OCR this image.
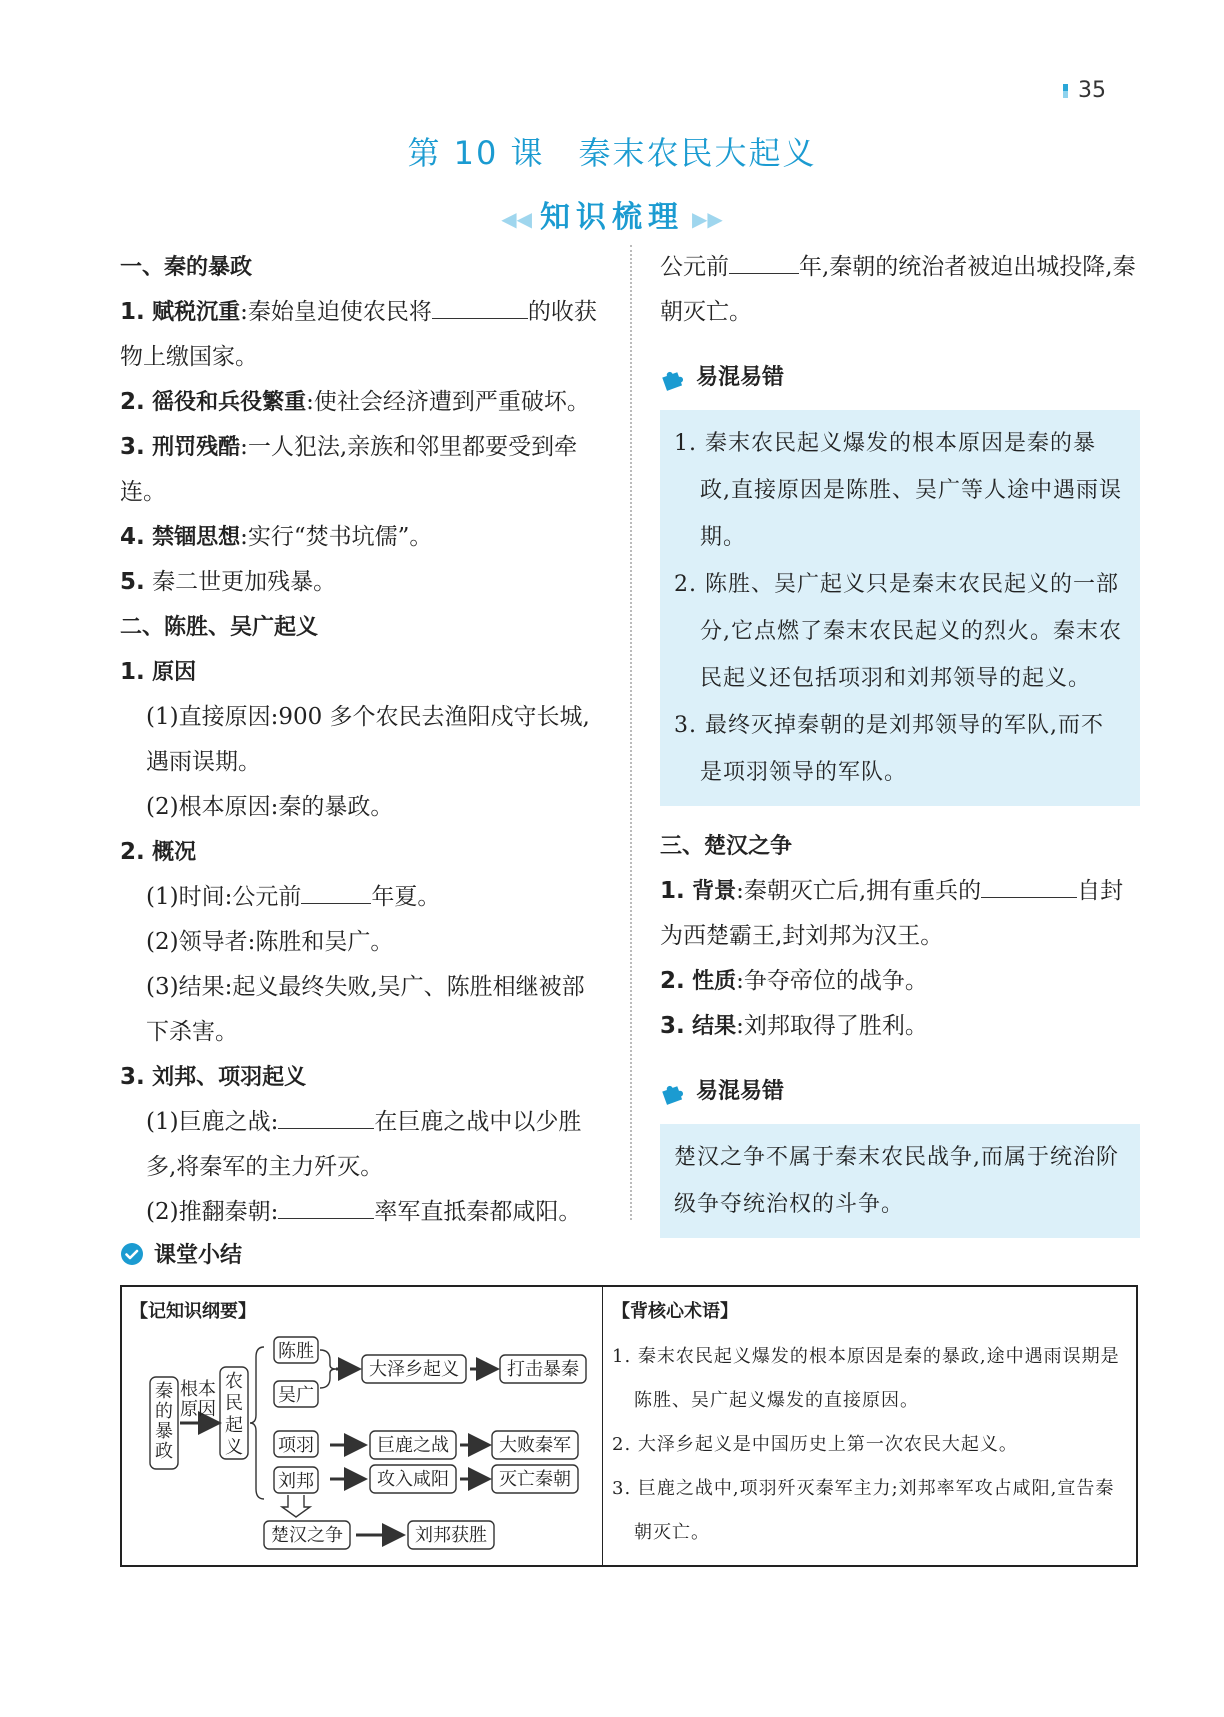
35
第 10 课　秦末农民大起义
◀◀ 知识梳理 ▶▶

一、秦的暴政

1. 赋税沉重:秦始皇迫使农民将	的收获物上缴国家。

2. 徭役和兵役繁重:使社会经济遭到严重破坏。

3. 刑罚残酷:一人犯法,亲族和邻里都要受到牵连。

4. 禁锢思想:实行“焚书坑儒”。

5. 秦二世更加残暴。

二、陈胜、吴广起义

1. 原因

(1)直接原因:900 多个农民去渔阳戍守长城,遇雨误期。

(2)根本原因:秦的暴政。

2. 概况

(1)时间:公元前	年夏。

(2)领导者:陈胜和吴广。

(3)结果:起义最终失败,吴广、陈胜相继被部下杀害。

3. 刘邦、项羽起义

(1)巨鹿之战:	在巨鹿之战中以少胜多,将秦军的主力歼灭。

(2)推翻秦朝:	率军直抵秦都咸阳。

公元前	年,秦朝的统治者被迫出城投降,秦朝灭亡。

易混易错
1. 秦末农民起义爆发的根本原因是秦的暴政,直接原因是陈胜、吴广等人途中遇雨误期。
2. 陈胜、吴广起义只是秦末农民起义的一部分,它点燃了秦末农民起义的烈火。秦末农民起义还包括项羽和刘邦领导的起义。
3. 最终灭掉秦朝的是刘邦领导的军队,而不是项羽领导的军队。

三、楚汉之争

1. 背景:秦朝灭亡后,拥有重兵的	自封为西楚霸王,封刘邦为汉王。

2. 性质:争夺帝位的战争。

3. 结果:刘邦取得了胜利。

易混易错
楚汉之争不属于秦末农民战争,而属于统治阶级争夺统治权的斗争。
课堂小结
【记知识纲要】	【背核心术语】
秦
的
暴
政
根本
原因
农
民
起
义
陈胜
吴广
大泽乡起义	打击暴秦
项羽	巨鹿之战	大败秦军
刘邦	攻入咸阳	灭亡秦朝
楚汉之争	刘邦获胜
1. 秦末农民起义爆发的根本原因是秦的暴政,途中遇雨误期是陈胜、吴广起义爆发的直接原因。
2. 大泽乡起义是中国历史上第一次农民大起义。
3. 巨鹿之战中,项羽歼灭秦军主力;刘邦率军攻占咸阳,宣告秦朝灭亡。
